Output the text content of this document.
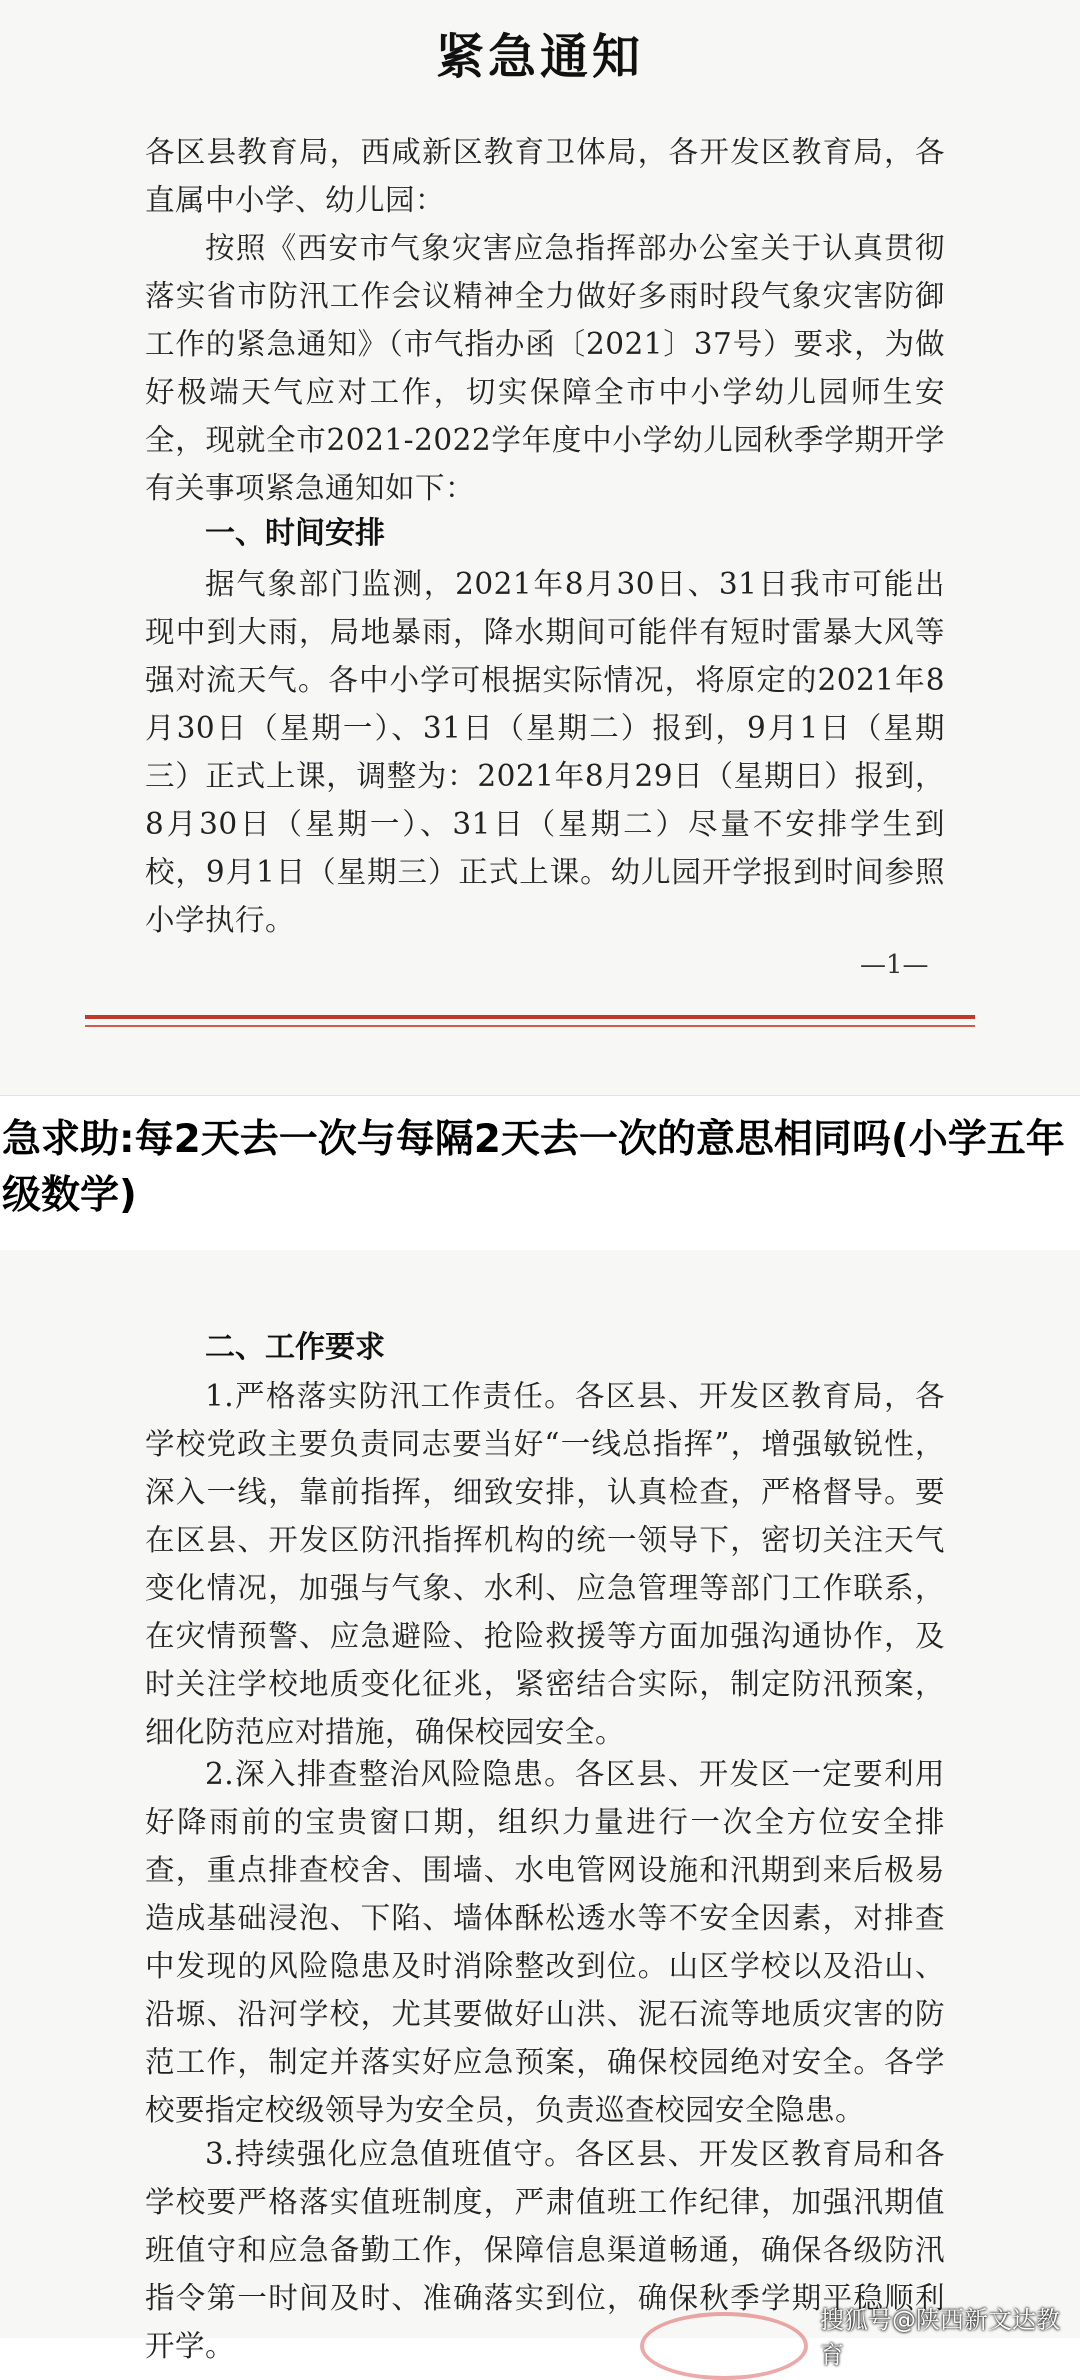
紧急通知

各区县教育局，西咸新区教育卫体局，各开发区教育局，各直属中小学、幼儿园：

按照《西安市气象灾害应急指挥部办公室关于认真贯彻落实省市防汛工作会议精神全力做好多雨时段气象灾害防御工作的紧急通知》（市气指办函〔2021〕37号）要求，为做好极端天气应对工作，切实保障全市中小学幼儿园师生安全，现就全市2021-2022学年度中小学幼儿园秋季学期开学有关事项紧急通知如下：

一、时间安排

据气象部门监测，2021年8月30日、31日我市可能出现中到大雨，局地暴雨，降水期间可能伴有短时雷暴大风等强对流天气。各中小学可根据实际情况，将原定的2021年8月30日（星期一）、31日（星期二）报到，9月1日（星期三）正式上课，调整为：2021年8月29日（星期日）报到，8月30日（星期一）、31日（星期二）尽量不安排学生到校，9月1日（星期三）正式上课。幼儿园开学报到时间参照小学执行。

—1—
急求助:每2天去一次与每隔2天去一次的意思相同吗(小学五年级数学)
二、工作要求

1.严格落实防汛工作责任。各区县、开发区教育局，各学校党政主要负责同志要当好“一线总指挥”，增强敏锐性，深入一线，靠前指挥，细致安排，认真检查，严格督导。要在区县、开发区防汛指挥机构的统一领导下，密切关注天气变化情况，加强与气象、水利、应急管理等部门工作联系，在灾情预警、应急避险、抢险救援等方面加强沟通协作，及时关注学校地质变化征兆，紧密结合实际，制定防汛预案，细化防范应对措施，确保校园安全。

2.深入排查整治风险隐患。各区县、开发区一定要利用好降雨前的宝贵窗口期，组织力量进行一次全方位安全排查，重点排查校舍、围墙、水电管网设施和汛期到来后极易造成基础浸泡、下陷、墙体酥松透水等不安全因素，对排查中发现的风险隐患及时消除整改到位。山区学校以及沿山、沿塬、沿河学校，尤其要做好山洪、泥石流等地质灾害的防范工作，制定并落实好应急预案，确保校园绝对安全。各学校要指定校级领导为安全员，负责巡查校园安全隐患。

3.持续强化应急值班值守。各区县、开发区教育局和各学校要严格落实值班制度，严肃值班工作纪律，加强汛期值班值守和应急备勤工作，保障信息渠道畅通，确保各级防汛指令第一时间及时、准确落实到位，确保秋季学期平稳顺利开学。

搜狐号@陕西新文达教育
